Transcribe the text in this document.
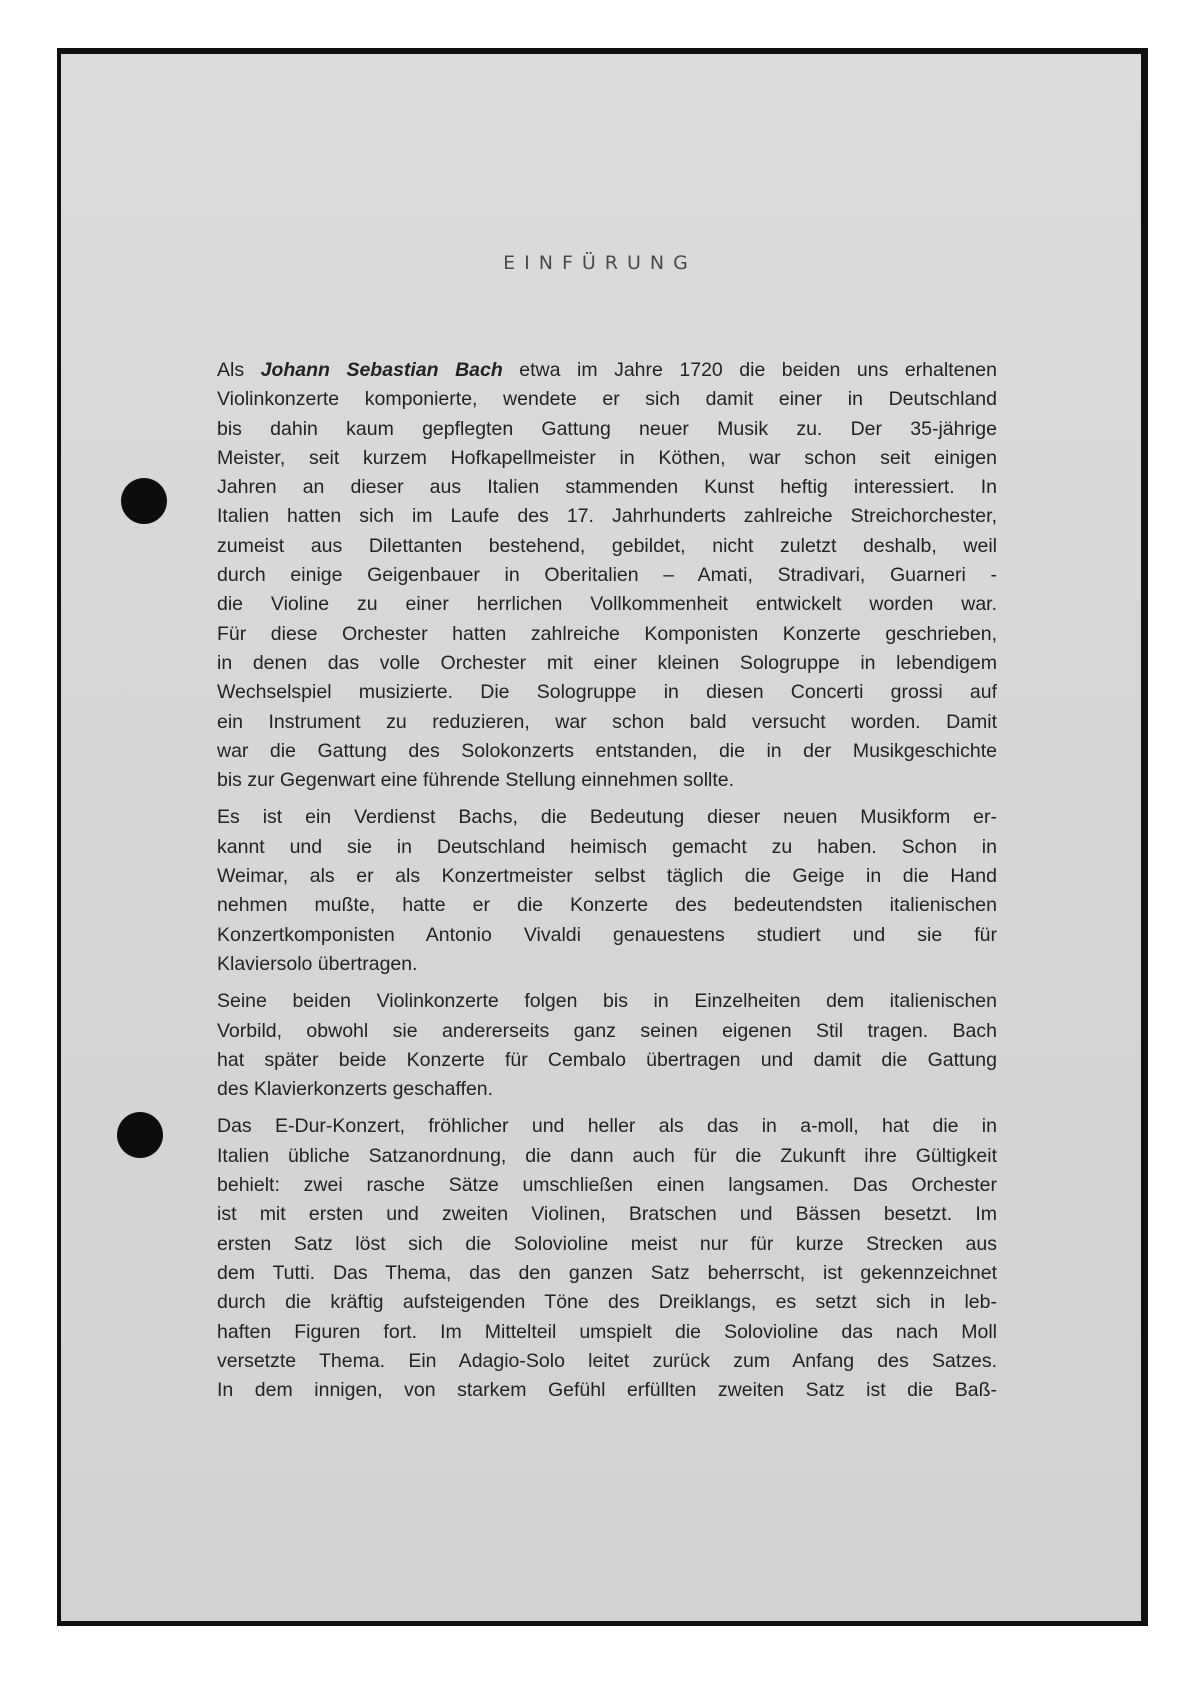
EINFÜRUNG
Als Johann Sebastian Bach etwa im Jahre 1720 die beiden uns erhaltenen
Violinkonzerte komponierte, wendete er sich damit einer in Deutschland
bis dahin kaum gepflegten Gattung neuer Musik zu. Der 35-jährige
Meister, seit kurzem Hofkapellmeister in Köthen, war schon seit einigen
Jahren an dieser aus Italien stammenden Kunst heftig interessiert. In
Italien hatten sich im Laufe des 17. Jahrhunderts zahlreiche Streichorchester,
zumeist aus Dilettanten bestehend, gebildet, nicht zuletzt deshalb, weil
durch einige Geigenbauer in Oberitalien – Amati, Stradivari, Guarneri -
die Violine zu einer herrlichen Vollkommenheit entwickelt worden war.
Für diese Orchester hatten zahlreiche Komponisten Konzerte geschrieben,
in denen das volle Orchester mit einer kleinen Sologruppe in lebendigem
Wechselspiel musizierte. Die Sologruppe in diesen Concerti grossi auf
ein Instrument zu reduzieren, war schon bald versucht worden. Damit
war die Gattung des Solokonzerts entstanden, die in der Musikgeschichte
bis zur Gegenwart eine führende Stellung einnehmen sollte.
Es ist ein Verdienst Bachs, die Bedeutung dieser neuen Musikform er-
kannt und sie in Deutschland heimisch gemacht zu haben. Schon in
Weimar, als er als Konzertmeister selbst täglich die Geige in die Hand
nehmen mußte, hatte er die Konzerte des bedeutendsten italienischen
Konzertkomponisten Antonio Vivaldi genauestens studiert und sie für
Klaviersolo übertragen.
Seine beiden Violinkonzerte folgen bis in Einzelheiten dem italienischen
Vorbild, obwohl sie andererseits ganz seinen eigenen Stil tragen. Bach
hat später beide Konzerte für Cembalo übertragen und damit die Gattung
des Klavierkonzerts geschaffen.
Das E-Dur-Konzert, fröhlicher und heller als das in a-moll, hat die in
Italien übliche Satzanordnung, die dann auch für die Zukunft ihre Gültigkeit
behielt: zwei rasche Sätze umschließen einen langsamen. Das Orchester
ist mit ersten und zweiten Violinen, Bratschen und Bässen besetzt. Im
ersten Satz löst sich die Solovioline meist nur für kurze Strecken aus
dem Tutti. Das Thema, das den ganzen Satz beherrscht, ist gekennzeichnet
durch die kräftig aufsteigenden Töne des Dreiklangs, es setzt sich in leb-
haften Figuren fort. Im Mittelteil umspielt die Solovioline das nach Moll
versetzte Thema. Ein Adagio-Solo leitet zurück zum Anfang des Satzes.
In dem innigen, von starkem Gefühl erfüllten zweiten Satz ist die Baß-
